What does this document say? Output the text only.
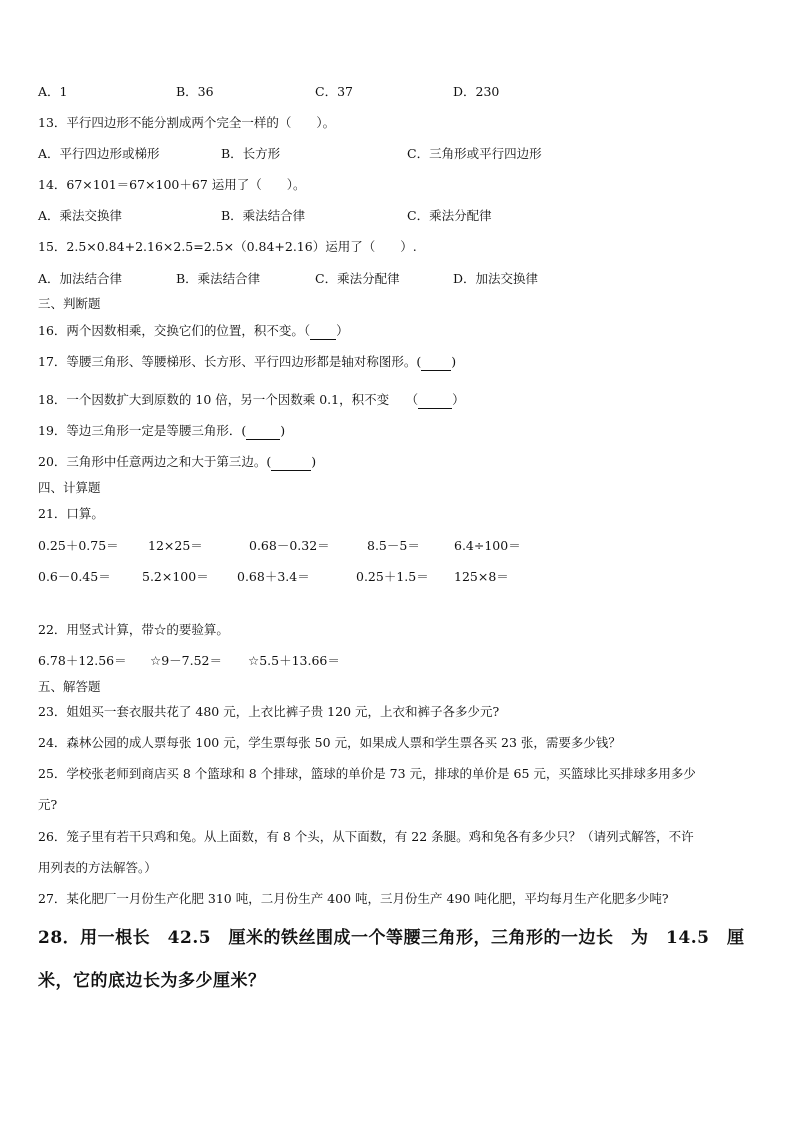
A．1	B．36	C．37	D．230
13．平行四边形不能分割成两个完全一样的（　　）。
A．平行四边形或梯形	B．长方形	C．三角形或平行四边形
14．67×101＝67×100＋67 运用了（　　）。
A．乘法交换律	B．乘法结合律	C．乘法分配律
15．2.5×0.84+2.16×2.5=2.5×（0.84+2.16）运用了（　　）.
A．加法结合律	B．乘法结合律	C．乘法分配律	D．加法交换律
三、判断题
16．两个因数相乘，交换它们的位置，积不变。（ ）
17．等腰三角形、等腰梯形、长方形、平行四边形都是轴对称图形。( )
18．一个因数扩大到原数的 10 倍，另一个因数乘 0.1，积不变　 （	）
19．等边三角形一定是等腰三角形．(	)
20．三角形中任意两边之和大于第三边。(	)
四、计算题
21．口算。
0.25＋0.75＝ 12×25＝	0.68－0.32＝	8.5－5＝	6.4÷100＝
0.6－0.45＝	5.2×100＝ 0.68＋3.4＝	0.25＋1.5＝ 125×8＝
22．用竖式计算，带☆的要验算。
6.78＋12.56＝ ☆9－7.52＝ ☆5.5＋13.66＝
五、解答题
23．姐姐买一套衣服共花了 480 元，上衣比裤子贵 120 元，上衣和裤子各多少元?
24．森林公园的成人票每张 100 元，学生票每张 50 元，如果成人票和学生票各买 23 张，需要多少钱？
25．学校张老师到商店买 8 个篮球和 8 个排球，篮球的单价是 73 元，排球的单价是 65 元，买篮球比买排球多用多少
元?
26．笼子里有若干只鸡和兔。从上面数，有 8 个头，从下面数，有 22 条腿。鸡和兔各有多少只？（请列式解答，不许
用列表的方法解答。）
27．某化肥厂一月份生产化肥 310 吨，二月份生产 400 吨，三月份生产 490 吨化肥，平均每月生产化肥多少吨?
28．用一根长　42.5　厘米的铁丝围成一个等腰三角形，三角形的一边长　为　14.5　厘
米，它的底边长为多少厘米？
